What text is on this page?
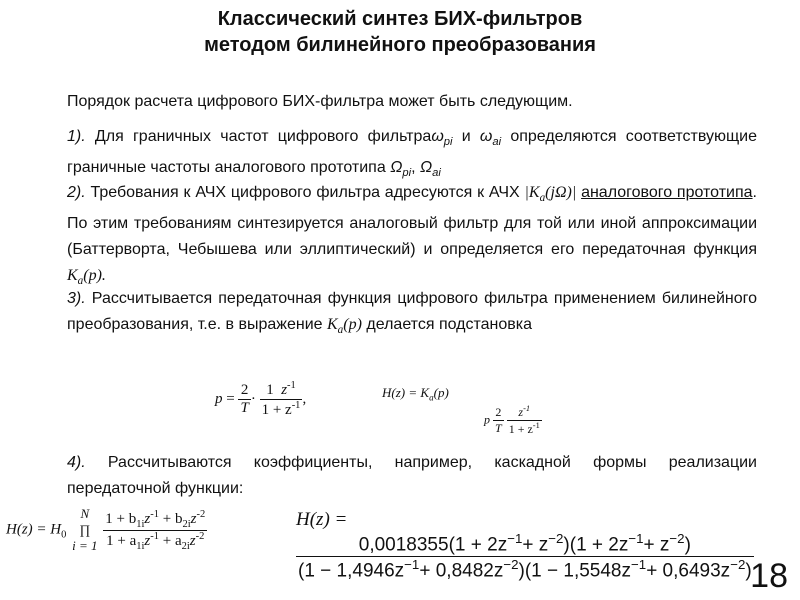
Классический синтез БИХ-фильтров
методом билинейного преобразования
Порядок расчета цифрового БИХ-фильтра может быть следующим.
1). Для граничных частот цифрового фильтраω$_{pi}$ и $\omega_{ai}$ определяются соответствующие граничные частоты аналогового прототипа $\Omega_{pi}$, $\Omega_{ai}$
2). Требования к АЧХ цифрового фильтра адресуются к АЧХ $|K_a(j\Omega)|$ аналогового прототипа. По этим требованиям синтезируется аналоговый фильтр для той или иной аппроксимации (Баттерворта, Чебышева или эллиптический) и определяется его передаточная функция $K_a(p)$.
3). Рассчитывается передаточная функция цифрового фильтра применением билинейного преобразования, т.е. в выражение $K_a(p)$ делается подстановка
$p = \frac{2}{T} \cdot \frac{1 z^{-1}}{1 + z^{-1}}$ ,	$H(z) = K_a(p)$
p $\frac{2}{T}$
$\frac{z^{-1}}{1 + z^{-1}}$
4). Рассчитываются коэффициенты, например, каскадной формы реализации передаточной функции:
$H(z) = H_0$
N
∏
i = 1
$\frac{1 + b_{1i}z^{-1} + b_{2i}z^{-2}}{1 + a_{1i}z^{-1} + a_{2i}z^{-2}}$	H(z) =
$\frac{0,0018355(1 + 2z^{-1}+ z^{-2})(1 + 2z^{-1}+ z^{-2})}{(1 - 1,4946z^{-1}+ 0,8482z^{-2})(1 - 1,5548z^{-1}+ 0,6493z^{-2})}$
18
